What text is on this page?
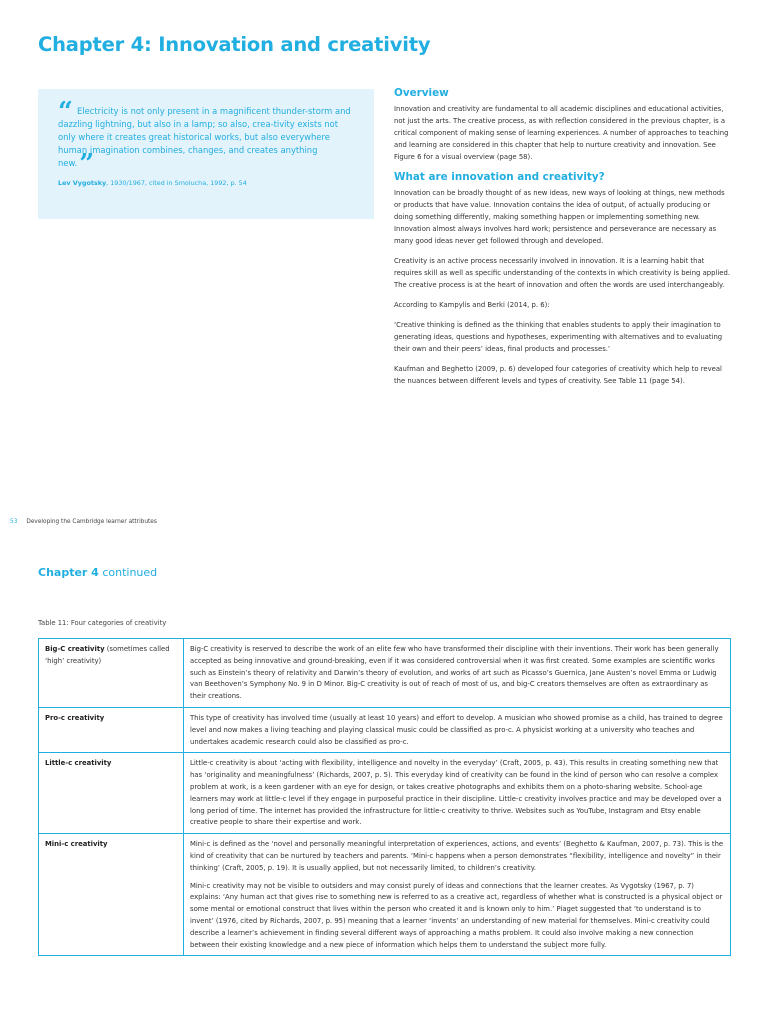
Chapter 4: Innovation and creativity
“ Electricity is not only present in a magnificent thunder-storm and dazzling lightning, but also in a lamp; so also, crea-tivity exists not only where it creates great historical works, but also everywhere human imagination combines, changes, and creates anything new.”
Lev Vygotsky, 1930/1967, cited in Smolucha, 1992, p. 54
Overview

Innovation and creativity are fundamental to all academic disciplines and educational activities, not just the arts. The creative process, as with reflection considered in the previous chapter, is a critical component of making sense of learning experiences. A number of approaches to teaching and learning are considered in this chapter that help to nurture creativity and innovation. See Figure 6 for a visual overview (page 58).

What are innovation and creativity?

Innovation can be broadly thought of as new ideas, new ways of looking at things, new methods or products that have value. Innovation contains the idea of output, of actually producing or doing something differently, making something happen or implementing something new. Innovation almost always involves hard work; persistence and perseverance are necessary as many good ideas never get followed through and developed.

Creativity is an active process necessarily involved in innovation. It is a learning habit that requires skill as well as specific understanding of the contexts in which creativity is being applied. The creative process is at the heart of innovation and often the words are used interchangeably.

According to Kampylis and Berki (2014, p. 6):

‘Creative thinking is defined as the thinking that enables students to apply their imagination to generating ideas, questions and hypotheses, experimenting with alternatives and to evaluating their own and their peers’ ideas, final products and processes.’

Kaufman and Beghetto (2009, p. 6) developed four categories of creativity which help to reveal the nuances between different levels and types of creativity. See Table 11 (page 54).

53 Developing the Cambridge learner attributes
Chapter 4 continued
Table 11: Four categories of creativity
Big-C creativity (sometimes called ‘high’ creativity)	Big-C creativity is reserved to describe the work of an elite few who have transformed their discipline with their inventions. Their work has been generally accepted as being innovative and ground-breaking, even if it was considered controversial when it was first created. Some examples are scientific works such as Einstein’s theory of relativity and Darwin’s theory of evolution, and works of art such as Picasso’s Guernica, Jane Austen’s novel Emma or Ludwig van Beethoven’s Symphony No. 9 in D Minor. Big-C creativity is out of reach of most of us, and big-C creators themselves are often as extraordinary as their creations.

Pro-c creativity	This type of creativity has involved time (usually at least 10 years) and effort to develop. A musician who showed promise as a child, has trained to degree level and now makes a living teaching and playing classical music could be classified as pro-c. A physicist working at a university who teaches and undertakes academic research could also be classified as pro-c.

Little-c creativity	Little-c creativity is about ‘acting with flexibility, intelligence and novelty in the everyday’ (Craft, 2005, p. 43). This results in creating something new that has ‘originality and meaningfulness’ (Richards, 2007, p. 5). This everyday kind of creativity can be found in the kind of person who can resolve a complex problem at work, is a keen gardener with an eye for design, or takes creative photographs and exhibits them on a photo-sharing website. School-age learners may work at little-c level if they engage in purposeful practice in their discipline. Little-c creativity involves practice and may be developed over a long period of time. The internet has provided the infrastructure for little-c creativity to thrive. Websites such as YouTube, Instagram and Etsy enable creative people to share their expertise and work.

Mini-c creativity	Mini-c is defined as the ‘novel and personally meaningful interpretation of experiences, actions, and events’ (Beghetto & Kaufman, 2007, p. 73). This is the kind of creativity that can be nurtured by teachers and parents. ‘Mini-c happens when a person demonstrates “flexibility, intelligence and novelty” in their thinking’ (Craft, 2005, p. 19). It is usually applied, but not necessarily limited, to children’s creativity.

Mini-c creativity may not be visible to outsiders and may consist purely of ideas and connections that the learner creates. As Vygotsky (1967, p. 7) explains: ‘Any human act that gives rise to something new is referred to as a creative act, regardless of whether what is constructed is a physical object or some mental or emotional construct that lives within the person who created it and is known only to him.’ Piaget suggested that ‘to understand is to invent’ (1976, cited by Richards, 2007, p. 95) meaning that a learner ‘invents’ an understanding of new material for themselves. Mini-c creativity could describe a learner’s achievement in finding several different ways of approaching a maths problem. It could also involve making a new connection between their existing knowledge and a new piece of information which helps them to understand the subject more fully.
